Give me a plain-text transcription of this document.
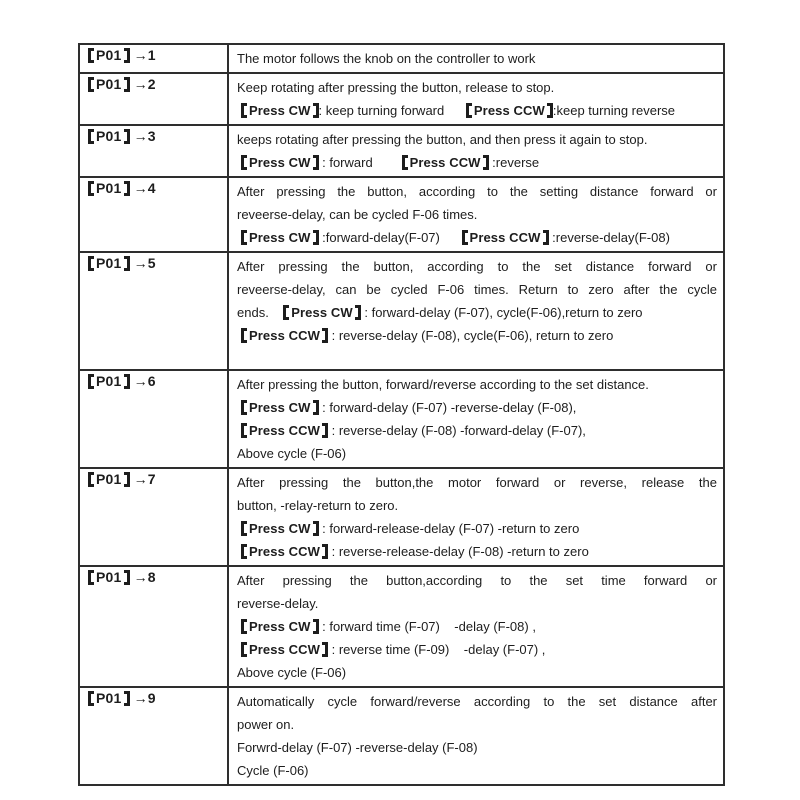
P01 →1	The motor follows the knob on the controller to work

P01 →2	Keep rotating after pressing the button, release to stop.
Press CW : keep turning forward      Press CCW :keep turning reverse

P01 →3	keeps rotating after pressing the button, and then press it again to stop.
Press CW : forward        Press CCW :reverse

P01 →4	After pressing the button, according to the setting distance forward or
reveerse-delay, can be cycled F-06 times.
Press CW :forward-delay(F-07)      Press CCW :reverse-delay(F-08)

P01 →5	After pressing the button, according to the set distance forward or
reveerse-delay, can be cycled F-06 times. Return to zero after the cycle
ends.    Press CW : forward-delay (F-07), cycle(F-06),return to zero
Press CCW : reverse-delay (F-08), cycle(F-06), return to zero

P01 →6	After pressing the button, forward/reverse according to the set distance.
Press CW : forward-delay (F-07) -reverse-delay (F-08),
Press CCW : reverse-delay (F-08) -forward-delay (F-07),
Above cycle (F-06)

P01 →7	After pressing the button,the motor forward or reverse, release the
button, -relay-return to zero.
Press CW : forward-release-delay (F-07) -return to zero
Press CCW : reverse-release-delay (F-08) -return to zero

P01 →8	After pressing the button,according to the set time forward or
reverse-delay.
Press CW : forward time (F-07)    -delay (F-08) ,
Press CCW : reverse time (F-09)    -delay (F-07) ,
Above cycle (F-06)

P01 →9	Automatically cycle forward/reverse according to the set distance after
power on.
Forwrd-delay (F-07) -reverse-delay (F-08)
Cycle (F-06)
